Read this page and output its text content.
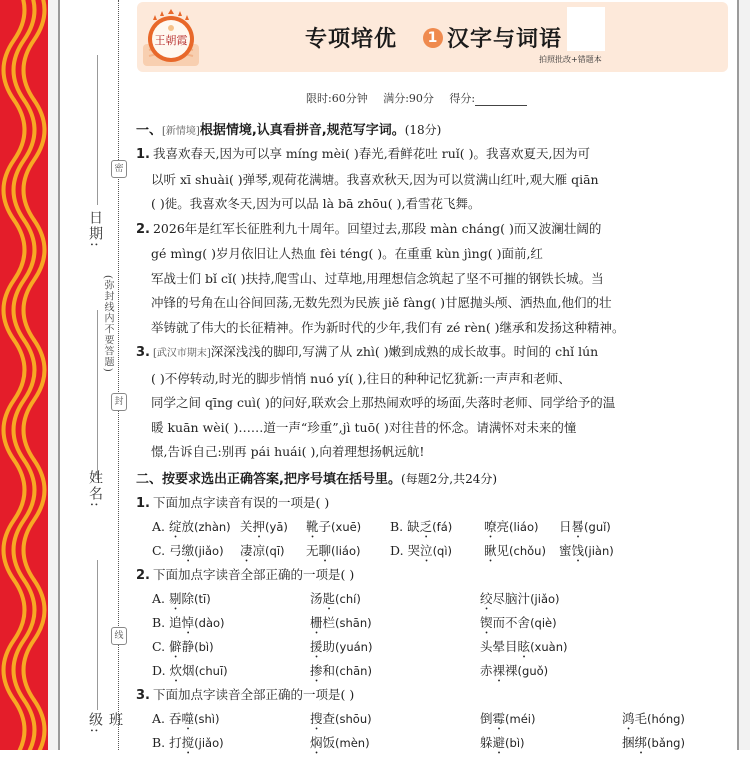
日期:
(弥封线内不要答题)
姓名:
班级:
密
封
线
王朝霞	专项培优	1 汉字与词语
拍照批改+错题本
限时:60分钟 满分:90分 得分:
一、[新情境]根据情境,认真看拼音,规范写字词。(18分)
1. 我喜欢春天,因为可以享 míng mèi( )春光,看鲜花吐 ruǐ( )。我喜欢夏天,因为可
以听 xī shuài( )弹琴,观荷花满塘。我喜欢秋天,因为可以赏满山红叶,观大雁 qiān
( )徙。我喜欢冬天,因为可以品 là bā zhōu( ),看雪花飞舞。
2. 2026年是红军长征胜利九十周年。回望过去,那段 màn cháng( )而又波澜壮阔的
gé mìng( )岁月依旧让人热血 fèi téng( )。在重重 kùn jìng( )面前,红
军战士们 bǐ cǐ( )扶持,爬雪山、过草地,用理想信念筑起了坚不可摧的钢铁长城。当
冲锋的号角在山谷间回荡,无数先烈为民族 jiě fàng( )甘愿抛头颅、洒热血,他们的壮
举铸就了伟大的长征精神。作为新时代的少年,我们有 zé rèn( )继承和发扬这种精神。
3. [武汉市期末]深深浅浅的脚印,写满了从 zhì( )嫩到成熟的成长故事。时间的 chǐ lún
( )不停转动,时光的脚步悄悄 nuó yí( ),往日的种种记忆犹新:一声声和老师、
同学之间 qīng cuì( )的问好,联欢会上那热闹欢呼的场面,失落时老师、同学给予的温
暖 kuān wèi( )……道一声“珍重”,jì tuō( )对往昔的怀念。请满怀对未来的憧
憬,告诉自己:别再 pái huái( ),向着理想扬帆远航!
二、按要求选出正确答案,把序号填在括号里。(每题2分,共24分)
1. 下面加点字读音有误的一项是( )
A. 绽放(zhàn) 关押(yā)	靴子(xuē)	B. 缺乏(fá)	嘹亮(liáo)	日晷(guǐ)
C. 弓缴(jiǎo)	凄凉(qī)	无聊(liáo)	D. 哭泣(qì)	瞅见(chǒu)	蜜饯(jiàn)
2. 下面加点字读音全部正确的一项是( )
A. 剔除(tī)	汤匙(chí)	绞尽脑汁(jiǎo)
B. 追悼(dào)	栅栏(shān)	锲而不舍(qiè)
C. 僻静(bì)	援助(yuán)	头晕目眩(xuàn)
D. 炊烟(chuī)	掺和(chān)	赤裸裸(guǒ)
3. 下面加点字读音全部正确的一项是( )
A. 吞噬(shì)	搜查(shōu)	倒霉(méi)	鸿毛(hóng)
B. 打搅(jiǎo)	焖饭(mèn)	躲避(bì)	捆绑(bǎng)
